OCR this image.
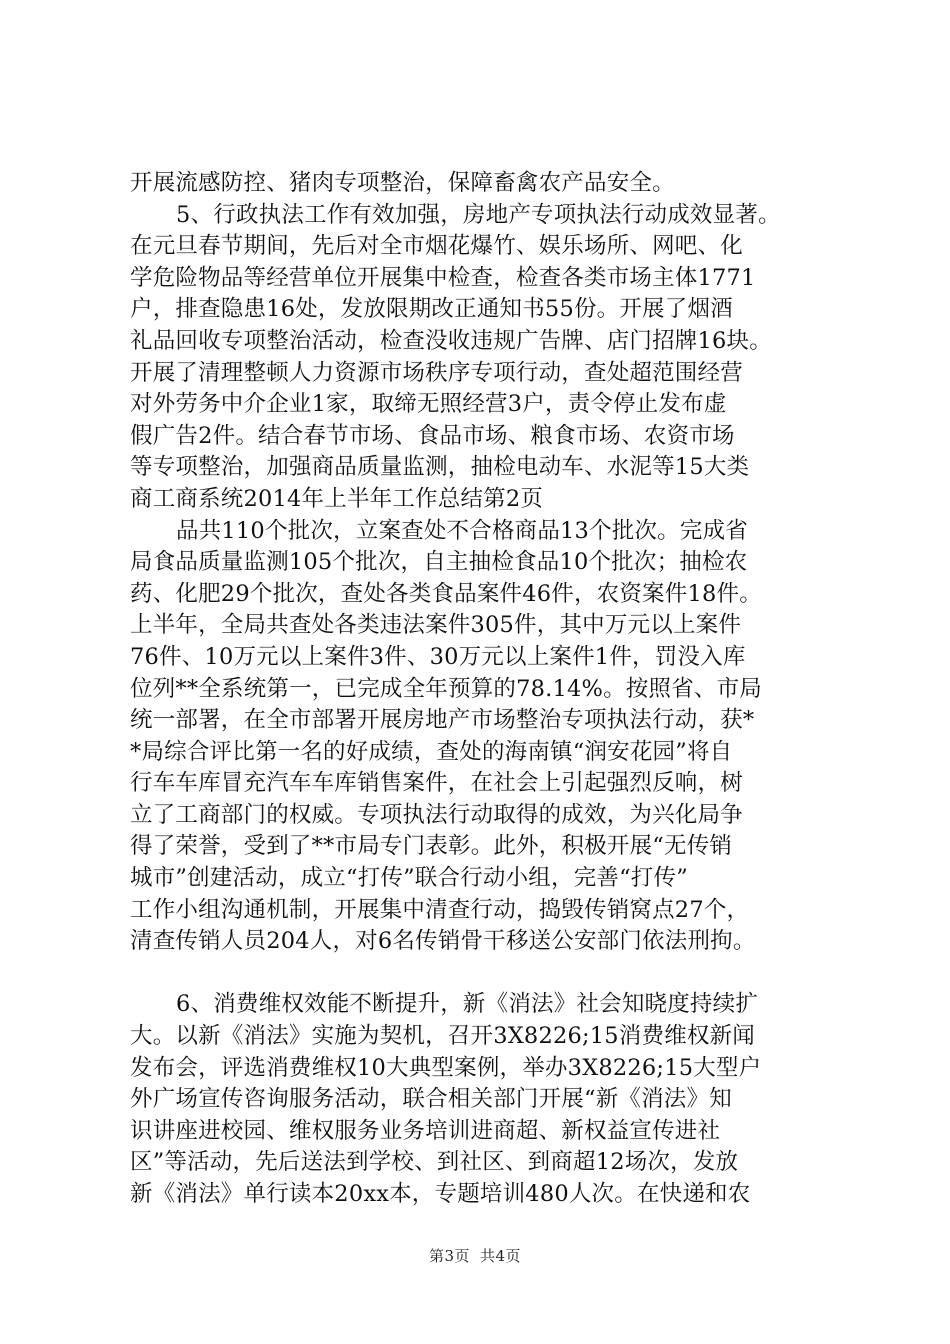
开展流感防控、猪肉专项整治，保障畜禽农产品安全。
5、行政执法工作有效加强，房地产专项执法行动成效显著。
在元旦春节期间，先后对全市烟花爆竹、娱乐场所、网吧、化
学危险物品等经营单位开展集中检查，检查各类市场主体1771
户，排查隐患16处，发放限期改正通知书55份。开展了烟酒
礼品回收专项整治活动，检查没收违规广告牌、店门招牌16块。
开展了清理整顿人力资源市场秩序专项行动，查处超范围经营
对外劳务中介企业1家，取缔无照经营3户，责令停止发布虚
假广告2件。结合春节市场、食品市场、粮食市场、农资市场
等专项整治，加强商品质量监测，抽检电动车、水泥等15大类
商工商系统2014年上半年工作总结第2页
品共110个批次，立案查处不合格商品13个批次。完成省
局食品质量监测105个批次，自主抽检食品10个批次；抽检农
药、化肥29个批次，查处各类食品案件46件，农资案件18件。
上半年，全局共查处各类违法案件305件，其中万元以上案件
76件、10万元以上案件3件、30万元以上案件1件，罚没入库
位列**全系统第一，已完成全年预算的78.14%。按照省、市局
统一部署，在全市部署开展房地产市场整治专项执法行动，获*
*局综合评比第一名的好成绩，查处的海南镇“润安花园”将自
行车车库冒充汽车车库销售案件，在社会上引起强烈反响，树
立了工商部门的权威。专项执法行动取得的成效，为兴化局争
得了荣誉，受到了**市局专门表彰。此外，积极开展“无传销
城市”创建活动，成立“打传”联合行动小组，完善“打传”
工作小组沟通机制，开展集中清查行动，捣毁传销窝点27个，
清查传销人员204人，对6名传销骨干移送公安部门依法刑拘。
6、消费维权效能不断提升，新《消法》社会知晓度持续扩
大。以新《消法》实施为契机，召开3X8226;15消费维权新闻
发布会，评选消费维权10大典型案例，举办3X8226;15大型户
外广场宣传咨询服务活动，联合相关部门开展“新《消法》知
识讲座进校园、维权服务业务培训进商超、新权益宣传进社
区”等活动，先后送法到学校、到社区、到商超12场次，发放
新《消法》单行读本20xx本，专题培训480人次。在快递和农
第3页 共4页
